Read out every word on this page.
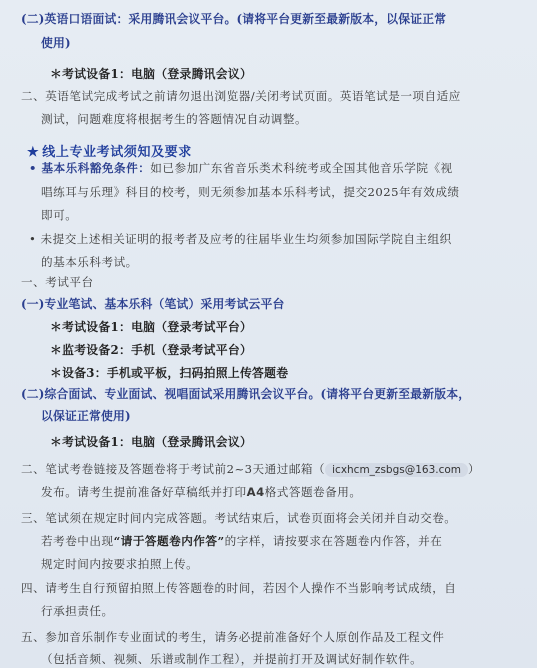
(二)英语口语面试：采用腾讯会议平台。(请将平台更新至最新版本，以保证正常
使用)
＊考试设备1：电脑（登录腾讯会议）
二、英语笔试完成考试之前请勿退出浏览器/关闭考试页面。英语笔试是一项自适应
测试，问题难度将根据考生的答题情况自动调整。
★ 线上专业考试须知及要求
• 基本乐科豁免条件：如已参加广东省音乐类术科统考或全国其他音乐学院《视
唱练耳与乐理》科目的校考，则无须参加基本乐科考试，提交2025年有效成绩
即可。
• 未提交上述相关证明的报考者及应考的往届毕业生均须参加国际学院自主组织
的基本乐科考试。
一、考试平台
(一)专业笔试、基本乐科（笔试）采用考试云平台
＊考试设备1：电脑（登录考试平台）
＊监考设备2：手机（登录考试平台）
＊设备3：手机或平板，扫码拍照上传答题卷
(二)综合面试、专业面试、视唱面试采用腾讯会议平台。(请将平台更新至最新版本，
以保证正常使用)
＊考试设备1：电脑（登录腾讯会议）
二、笔试考卷链接及答题卷将于考试前2~3天通过邮箱（ icxhcm_zsbgs@163.com ）
发布。请考生提前准备好草稿纸并打印A4格式答题卷备用。
三、笔试须在规定时间内完成答题。考试结束后，试卷页面将会关闭并自动交卷。
若考卷中出现“请于答题卷内作答”的字样，请按要求在答题卷内作答，并在
规定时间内按要求拍照上传。
四、请考生自行预留拍照上传答题卷的时间，若因个人操作不当影响考试成绩，自
行承担责任。
五、参加音乐制作专业面试的考生，请务必提前准备好个人原创作品及工程文件
（包括音频、视频、乐谱或制作工程），并提前打开及调试好制作软件。
